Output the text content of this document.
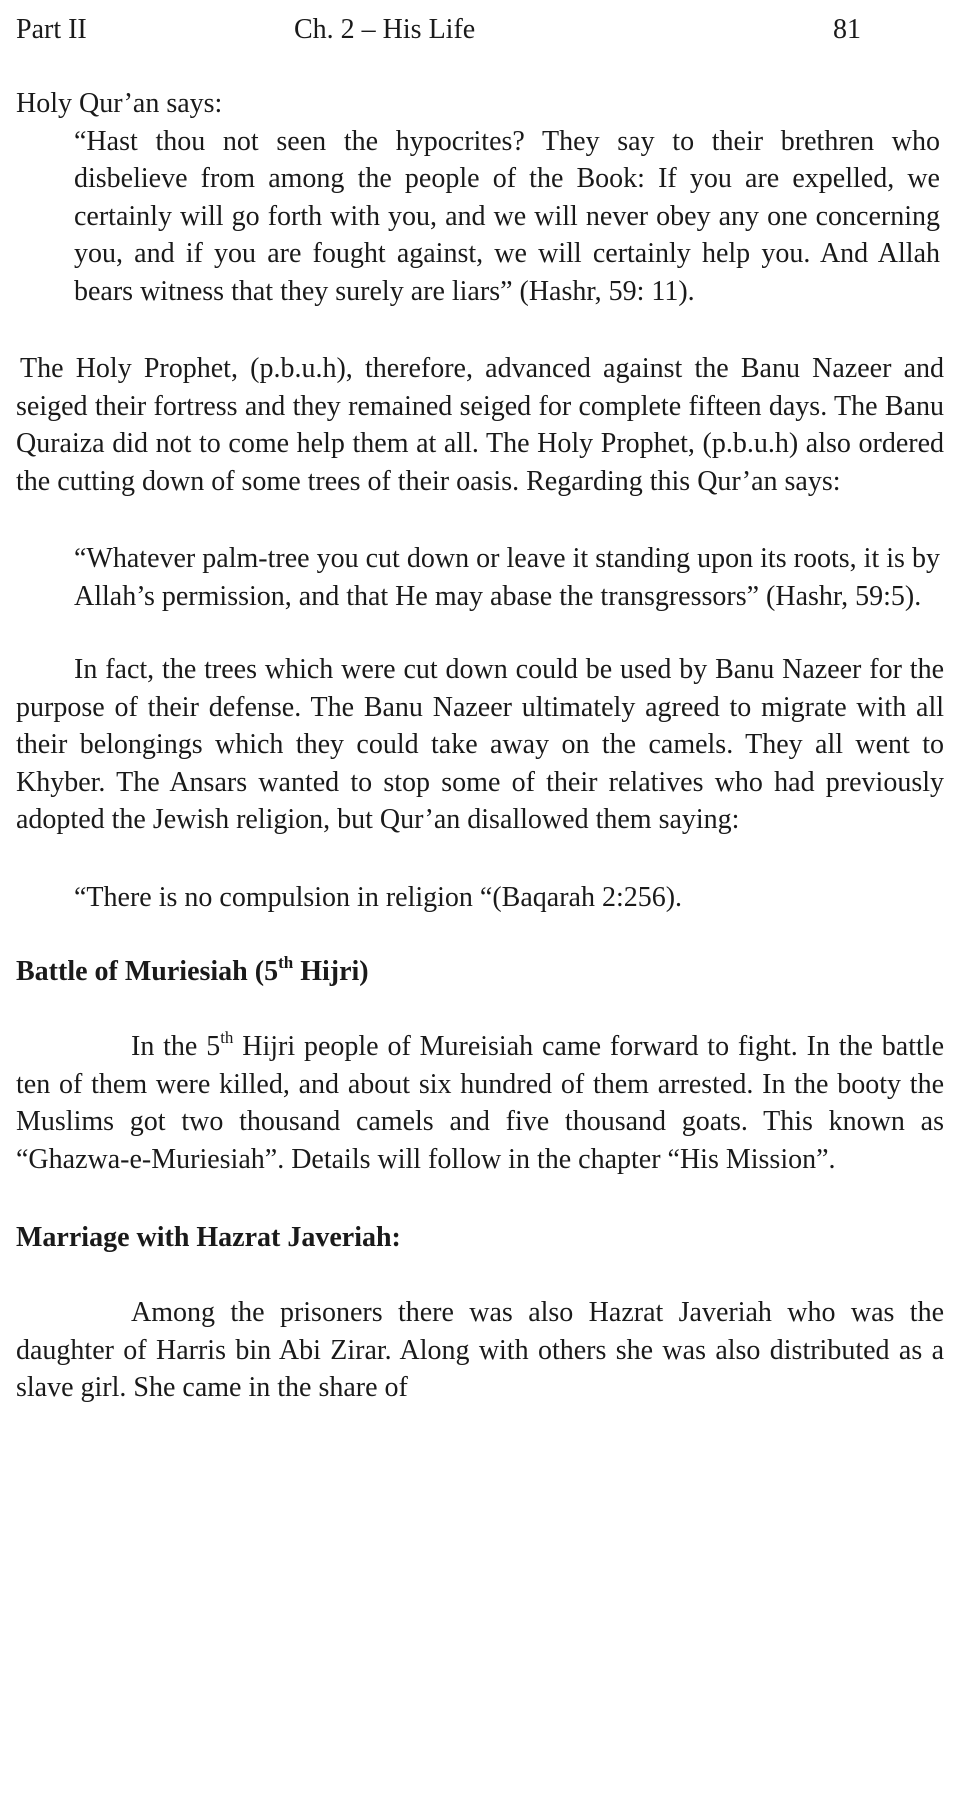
Part II	Ch. 2 – His Life	81

Holy Qur’an says:

“Hast thou not seen the hypocrites? They say to their brethren who disbelieve from among the people of the Book: If you are expelled, we certainly will go forth with you, and we will never obey any one concerning you, and if you are fought against, we will certainly help you. And Allah bears witness that they surely are liars” (Hashr, 59: 11).

The Holy Prophet, (p.b.u.h), therefore, advanced against the Banu Nazeer and seiged their fortress and they remained seiged for complete fifteen days. The Banu Quraiza did not to come help them at all. The Holy Prophet, (p.b.u.h) also ordered the cutting down of some trees of their oasis. Regarding this Qur’an says:

“Whatever palm-tree you cut down or leave it standing upon its roots, it is by Allah’s permission, and that He may abase the transgressors” (Hashr, 59:5).

In fact, the trees which were cut down could be used by Banu Nazeer for the purpose of their defense. The Banu Nazeer ultimately agreed to migrate with all their belongings which they could take away on the camels. They all went to Khyber. The Ansars wanted to stop some of their relatives who had previously adopted the Jewish religion, but Qur’an disallowed them saying:

“There is no compulsion in religion “(Baqarah 2:256).

Battle of Muriesiah (5th Hijri)

In the 5th Hijri people of Mureisiah came forward to fight. In the battle ten of them were killed, and about six hundred of them arrested. In the booty the Muslims got two thousand camels and five thousand goats. This known as “Ghazwa-e-Muriesiah”. Details will follow in the chapter “His Mission”.

Marriage with Hazrat Javeriah:

Among the prisoners there was also Hazrat Javeriah who was the daughter of Harris bin Abi Zirar. Along with others she was also distributed as a slave girl. She came in the share of
